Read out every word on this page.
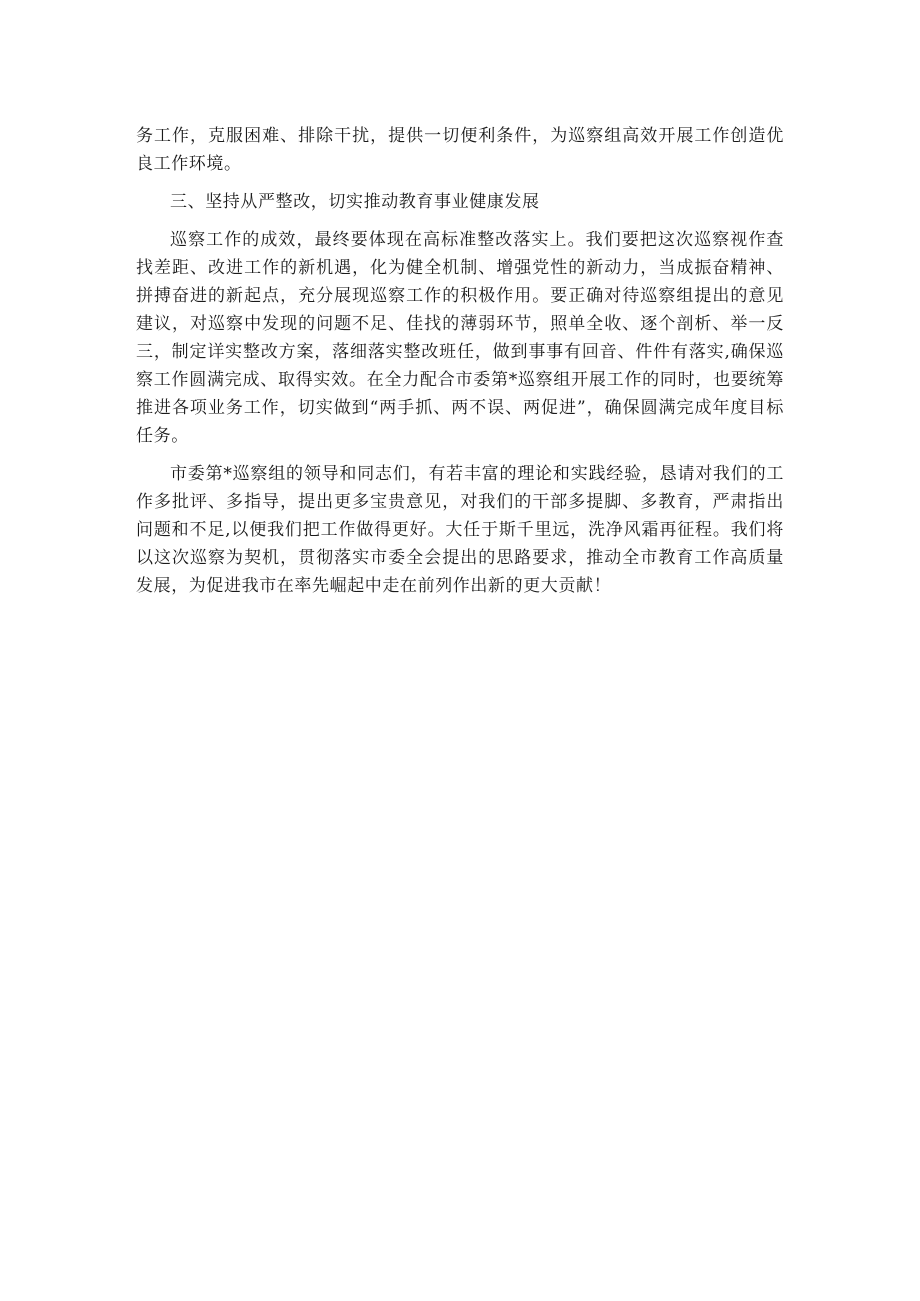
务工作，克服困难、排除干扰，提供一切便利条件，为巡察组高效开展工作创造优良工作环境。

三、坚持从严整改，切实推动教育事业健康发展

巡察工作的成效，最终要体现在高标准整改落实上。我们要把这次巡察视作查找差距、改进工作的新机遇，化为健全机制、增强党性的新动力，当成振奋精神、拼搏奋进的新起点，充分展现巡察工作的积极作用。要正确对待巡察组提出的意见建议，对巡察中发现的问题不足、佳找的薄弱环节，照单全收、逐个剖析、举一反三，制定详实整改方案，落细落实整改班任，做到事事有回音、件件有落实,确保巡察工作圆满完成、取得实效。在全力配合市委第*巡察组开展工作的同时，也要统筹推进各项业务工作，切实做到“两手抓、两不误、两促进”，确保圆满完成年度目标任务。

市委第*巡察组的领导和同志们，有若丰富的理论和实践经验，恳请对我们的工作多批评、多指导，提出更多宝贵意见，对我们的干部多提脚、多教育，严肃指出问题和不足,以便我们把工作做得更好。大任于斯千里远，洗净风霜再征程。我们将以这次巡察为契机，贯彻落实市委全会提出的思路要求，推动全市教育工作高质量发展，为促进我市在率先崛起中走在前列作出新的更大贡献！
